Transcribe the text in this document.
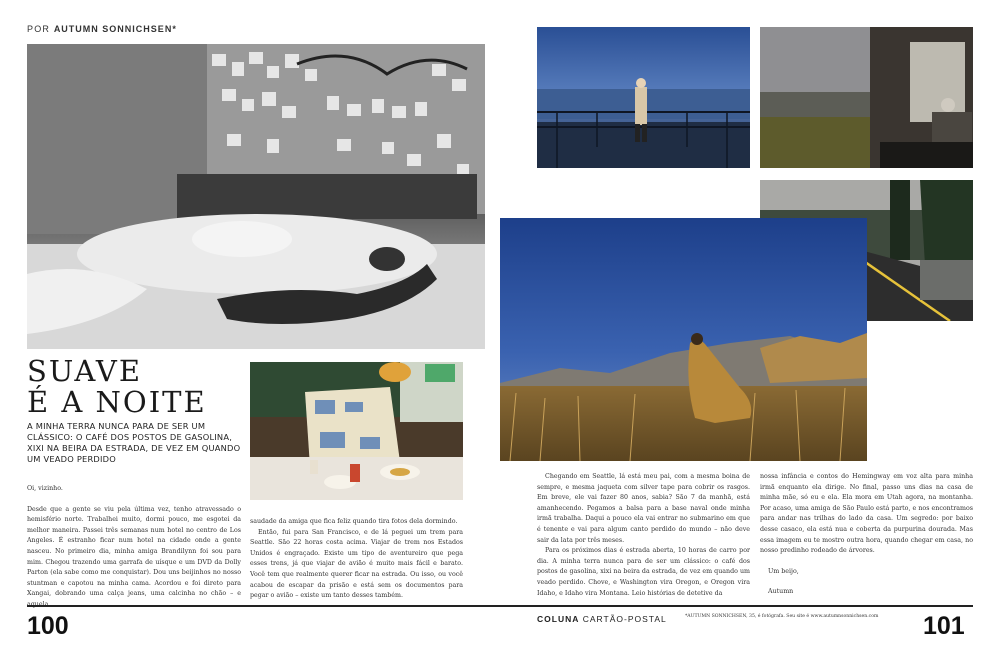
POR AUTUMN SONNICHSEN*
SUAVE
É A NOITE
A MINHA TERRA NUNCA PARA DE SER UM CLÁSSICO: O CAFÉ DOS POSTOS DE GASOLINA, XIXI NA BEIRA DA ESTRADA, DE VEZ EM QUANDO UM VEADO PERDIDO

Oi, vizinho.

Desde que a gente se viu pela última vez, tenho atravessado o hemisfério norte. Trabalhei muito, dormi pouco, me esgotei da melhor maneira. Passei três semanas num hotel no centro de Los Angeles. É estranho ficar num hotel na cidade onde a gente nasceu. No primeiro dia, minha amiga Brandilynn foi sou para mim. Chegou trazendo uma garrafa de uísque e um DVD da Dolly Parton (ela sabe como me conquistar). Dou uns beijinhos no nosso stuntman e capotou na minha cama. Acordou e foi direto para Xangai, dobrando uma calça jeans, uma calcinha no chão – e

saudade da amiga que fica feliz quando tira fotos dela dormindo.

Então, fui para San Francisco, e de lá peguei um trem para Seattle. São 22 horas costa acima. Viajar de trem nos Estados Unidos é engraçado. Existe um tipo de aventureiro que pega esses trens, já que viajar de avião é muito mais fácil e barato. Você tem que realmente querer ficar na estrada. Ou isso, ou você acabou de escapar da prisão e está sem os documentos para pegar o avião – existe um tanto desses também.

Chegando em Seattle, lá está meu pai, com a mesma boina de sempre, e mesma jaqueta com silver tape para cobrir os rasgos. Em breve, ele vai fazer 80 anos, sabia? São 7 da manhã, está amanhecendo. Pegamos a balsa para a base naval onde minha irmã trabalha. Daqui a pouco ela vai entrar no submarino em que é tenente e vai para algum canto perdido do mundo – não deve sair da lata por três meses.

Para os próximos dias é estrada aberta, 10 horas de carro por dia. A minha terra nunca para de ser um clássico: o café dos postos de gasolina, xixi na beira da estrada, de vez em quando um veado perdido. Chove, e Washington vira Oregon, e Oregon vira Idaho, e Idaho vira Montana. Leio histórias de detetive da

nossa infância e contos do Hemingway em voz alta para minha irmã enquanto ela dirige. No final, passo uns dias na casa de minha mãe, só eu e ela. Ela mora em Utah agora, na montanha. Por acaso, uma amiga de São Paulo está parto, e nos encontramos para andar nas trilhas do lado da casa. Um segredo: por baixo desse casaco, ela está nua e coberta da purpurina dourada. Mas essa imagem eu te mostro outra hora, quando chegar em casa, no nosso predinho rodeado de árvores.

Um beijo,

Autumn

100	COLUNA CARTÃO-POSTAL	*AUTUMN SONNICHSEN, 35, é fotógrafa. Seu site é www.autumnsonnichsen.com 101
